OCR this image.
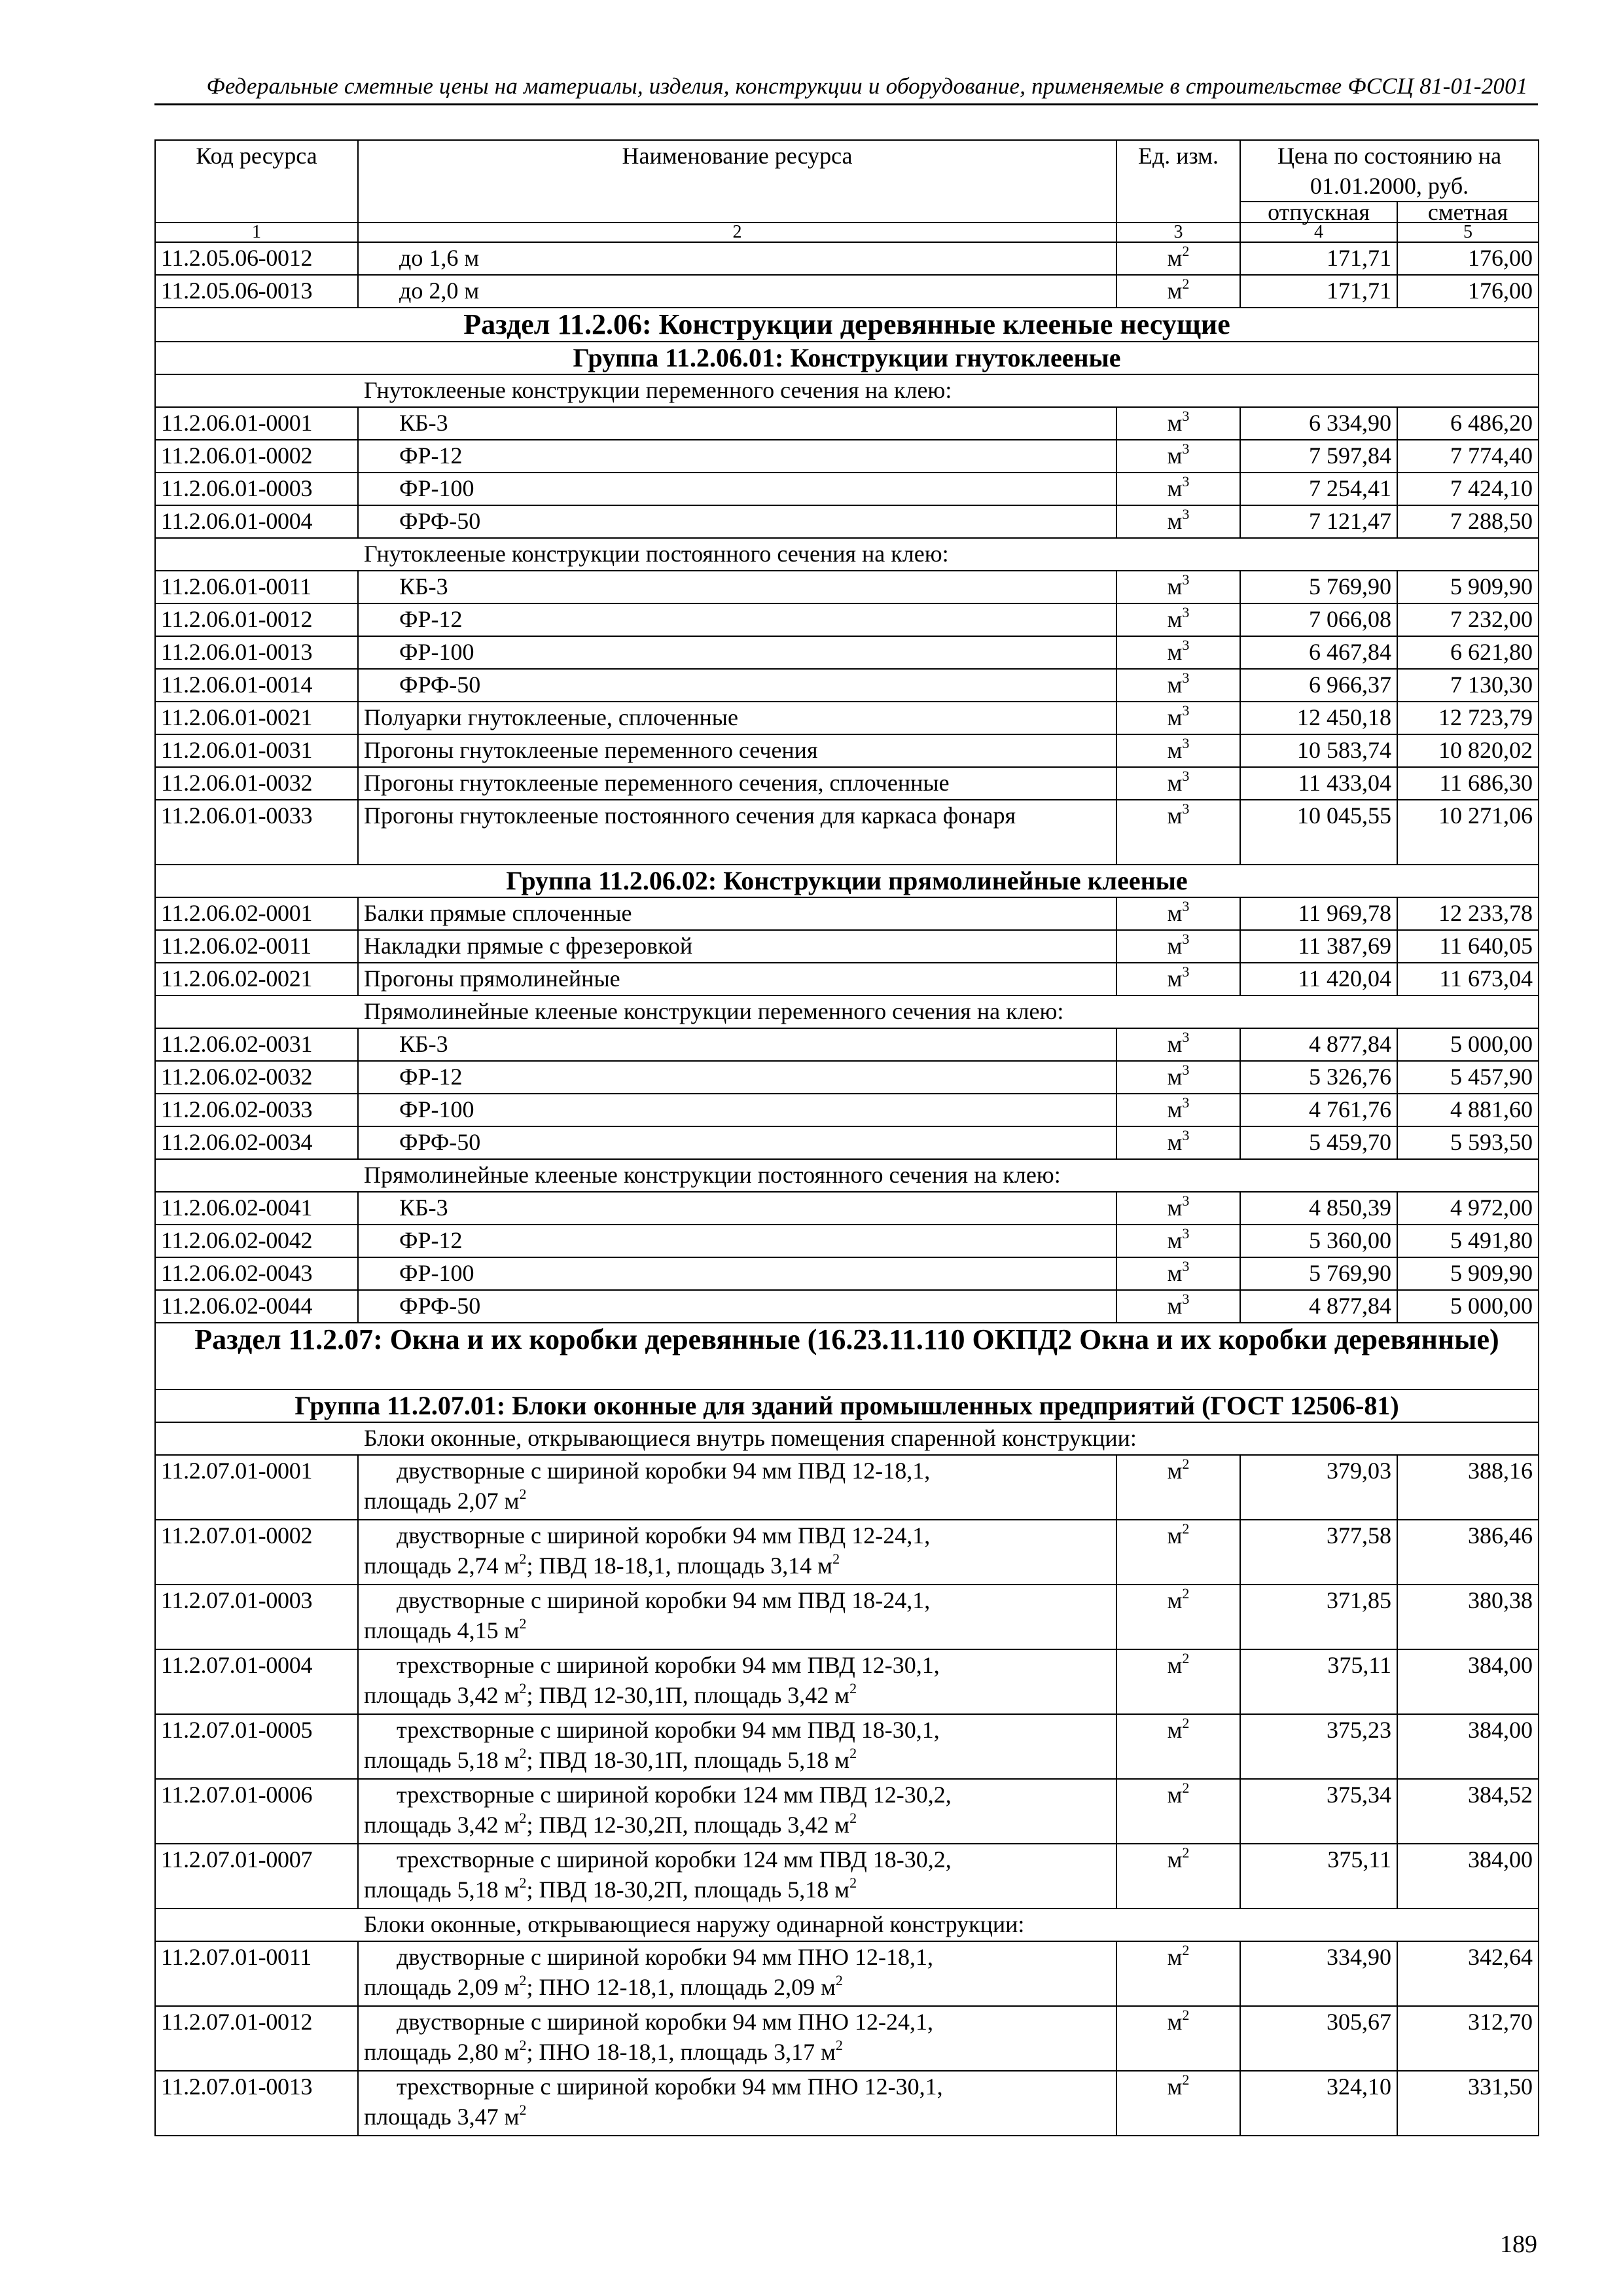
Федеральные сметные цены на материалы, изделия, конструкции и оборудование, применяемые в строительстве ФССЦ 81-01-2001
Код ресурса	Наименование ресурса	Ед. изм.	Цена по состоянию на 01.01.2000, руб.	
			отпускная	сметная
1	2	3	4	5
11.2.05.06-0012	до 1,6 м	$м^2$	171,71	176,00
11.2.05.06-0013	до 2,0 м	$м^2$	171,71	176,00
Раздел 11.2.06: Конструкции деревянные клееные несущие				
Группа 11.2.06.01: Конструкции гнутоклееные				
Гнутоклееные конструкции переменного сечения на клею:				
11.2.06.01-0001	КБ-3	$м^3$	6 334,90	6 486,20
11.2.06.01-0002	ФР-12	$м^3$	7 597,84	7 774,40
11.2.06.01-0003	ФР-100	$м^3$	7 254,41	7 424,10
11.2.06.01-0004	ФРФ-50	$м^3$	7 121,47	7 288,50
Гнутоклееные конструкции постоянного сечения на клею:				
11.2.06.01-0011	КБ-3	$м^3$	5 769,90	5 909,90
11.2.06.01-0012	ФР-12	$м^3$	7 066,08	7 232,00
11.2.06.01-0013	ФР-100	$м^3$	6 467,84	6 621,80
11.2.06.01-0014	ФРФ-50	$м^3$	6 966,37	7 130,30
11.2.06.01-0021	Полуарки гнутоклееные, сплоченные	$м^3$	12 450,18	12 723,79
11.2.06.01-0031	Прогоны гнутоклееные переменного сечения	$м^3$	10 583,74	10 820,02
11.2.06.01-0032	Прогоны гнутоклееные переменного сечения, сплоченные	$м^3$	11 433,04	11 686,30
11.2.06.01-0033	Прогоны гнутоклееные постоянного сечения для каркаса фонаря	$м^3$	10 045,55	10 271,06
Группа 11.2.06.02: Конструкции прямолинейные клееные				
11.2.06.02-0001	Балки прямые сплоченные	$м^3$	11 969,78	12 233,78
11.2.06.02-0011	Накладки прямые с фрезеровкой	$м^3$	11 387,69	11 640,05
11.2.06.02-0021	Прогоны прямолинейные	$м^3$	11 420,04	11 673,04
Прямолинейные клееные конструкции переменного сечения на клею:				
11.2.06.02-0031	КБ-3	$м^3$	4 877,84	5 000,00
11.2.06.02-0032	ФР-12	$м^3$	5 326,76	5 457,90
11.2.06.02-0033	ФР-100	$м^3$	4 761,76	4 881,60
11.2.06.02-0034	ФРФ-50	$м^3$	5 459,70	5 593,50
Прямолинейные клееные конструкции постоянного сечения на клею:				
11.2.06.02-0041	КБ-3	$м^3$	4 850,39	4 972,00
11.2.06.02-0042	ФР-12	$м^3$	5 360,00	5 491,80
11.2.06.02-0043	ФР-100	$м^3$	5 769,90	5 909,90
11.2.06.02-0044	ФРФ-50	$м^3$	4 877,84	5 000,00
Раздел 11.2.07: Окна и их коробки деревянные (16.23.11.110 ОКПД2 Окна и их коробки деревянные)				
Группа 11.2.07.01: Блоки оконные для зданий промышленных предприятий (ГОСТ 12506-81)				
Блоки оконные, открывающиеся внутрь помещения спаренной конструкции:				
11.2.07.01-0001	двустворные с шириной коробки 94 мм ПВД 12-18,1,
площадь 2,07 $м^2$	$м^2$	379,03	388,16
11.2.07.01-0002	двустворные с шириной коробки 94 мм ПВД 12-24,1,
площадь 2,74 $м^2$; ПВД 18-18,1, площадь 3,14 $м^2$	$м^2$	377,58	386,46
11.2.07.01-0003	двустворные с шириной коробки 94 мм ПВД 18-24,1,
площадь 4,15 $м^2$	$м^2$	371,85	380,38
11.2.07.01-0004	трехстворные с шириной коробки 94 мм ПВД 12-30,1,
площадь 3,42 $м^2$; ПВД 12-30,1П, площадь 3,42 $м^2$	$м^2$	375,11	384,00
11.2.07.01-0005	трехстворные с шириной коробки 94 мм ПВД 18-30,1,
площадь 5,18 $м^2$; ПВД 18-30,1П, площадь 5,18 $м^2$	$м^2$	375,23	384,00
11.2.07.01-0006	трехстворные с шириной коробки 124 мм ПВД 12-30,2,
площадь 3,42 $м^2$; ПВД 12-30,2П, площадь 3,42 $м^2$	$м^2$	375,34	384,52
11.2.07.01-0007	трехстворные с шириной коробки 124 мм ПВД 18-30,2,
площадь 5,18 $м^2$; ПВД 18-30,2П, площадь 5,18 $м^2$	$м^2$	375,11	384,00
Блоки оконные, открывающиеся наружу одинарной конструкции:				
11.2.07.01-0011	двустворные с шириной коробки 94 мм ПНО 12-18,1,
площадь 2,09 $м^2$; ПНО 12-18,1, площадь 2,09 $м^2$	$м^2$	334,90	342,64
11.2.07.01-0012	двустворные с шириной коробки 94 мм ПНО 12-24,1,
площадь 2,80 $м^2$; ПНО 18-18,1, площадь 3,17 $м^2$	$м^2$	305,67	312,70
11.2.07.01-0013	трехстворные с шириной коробки 94 мм ПНО 12-30,1,
площадь 3,47 $м^2$	$м^2$	324,10	331,50
189
